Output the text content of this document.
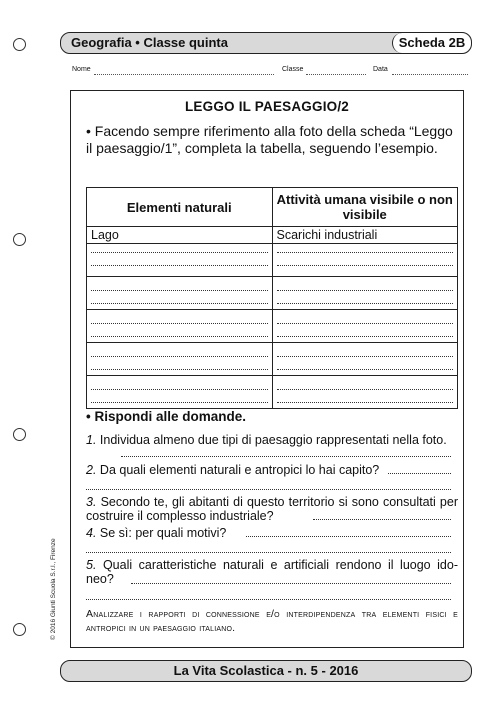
Geografia • Classe quinta	Scheda 2B
Nome	Classe	Data
LEGGO IL PAESAGGIO/2
• Facendo sempre riferimento alla foto della scheda “Leggo il paesaggio/1”, completa la tabella, seguendo l’esempio.
Elementi naturali	Attività umana visibile o non visibile
Lago	Scarichi industriali

• Rispondi alle domande.
1. Individua almeno due tipi di paesaggio rappresentati nella foto.
2. Da quali elementi naturali e antropici lo hai capito?
3. Secondo te, gli abitanti di questo territorio si sono consultati per costruire il complesso industriale?
4. Se sì: per quali motivi?
5. Quali caratteristiche naturali e artificiali rendono il luogo ido-neo?
Analizzare i rapporti di connessione e/o interdipendenza tra elementi fisici e antropici in un paesaggio italiano.
© 2016 Giunti Scuola S.r.l., Firenze
La Vita Scolastica - n. 5 - 2016
